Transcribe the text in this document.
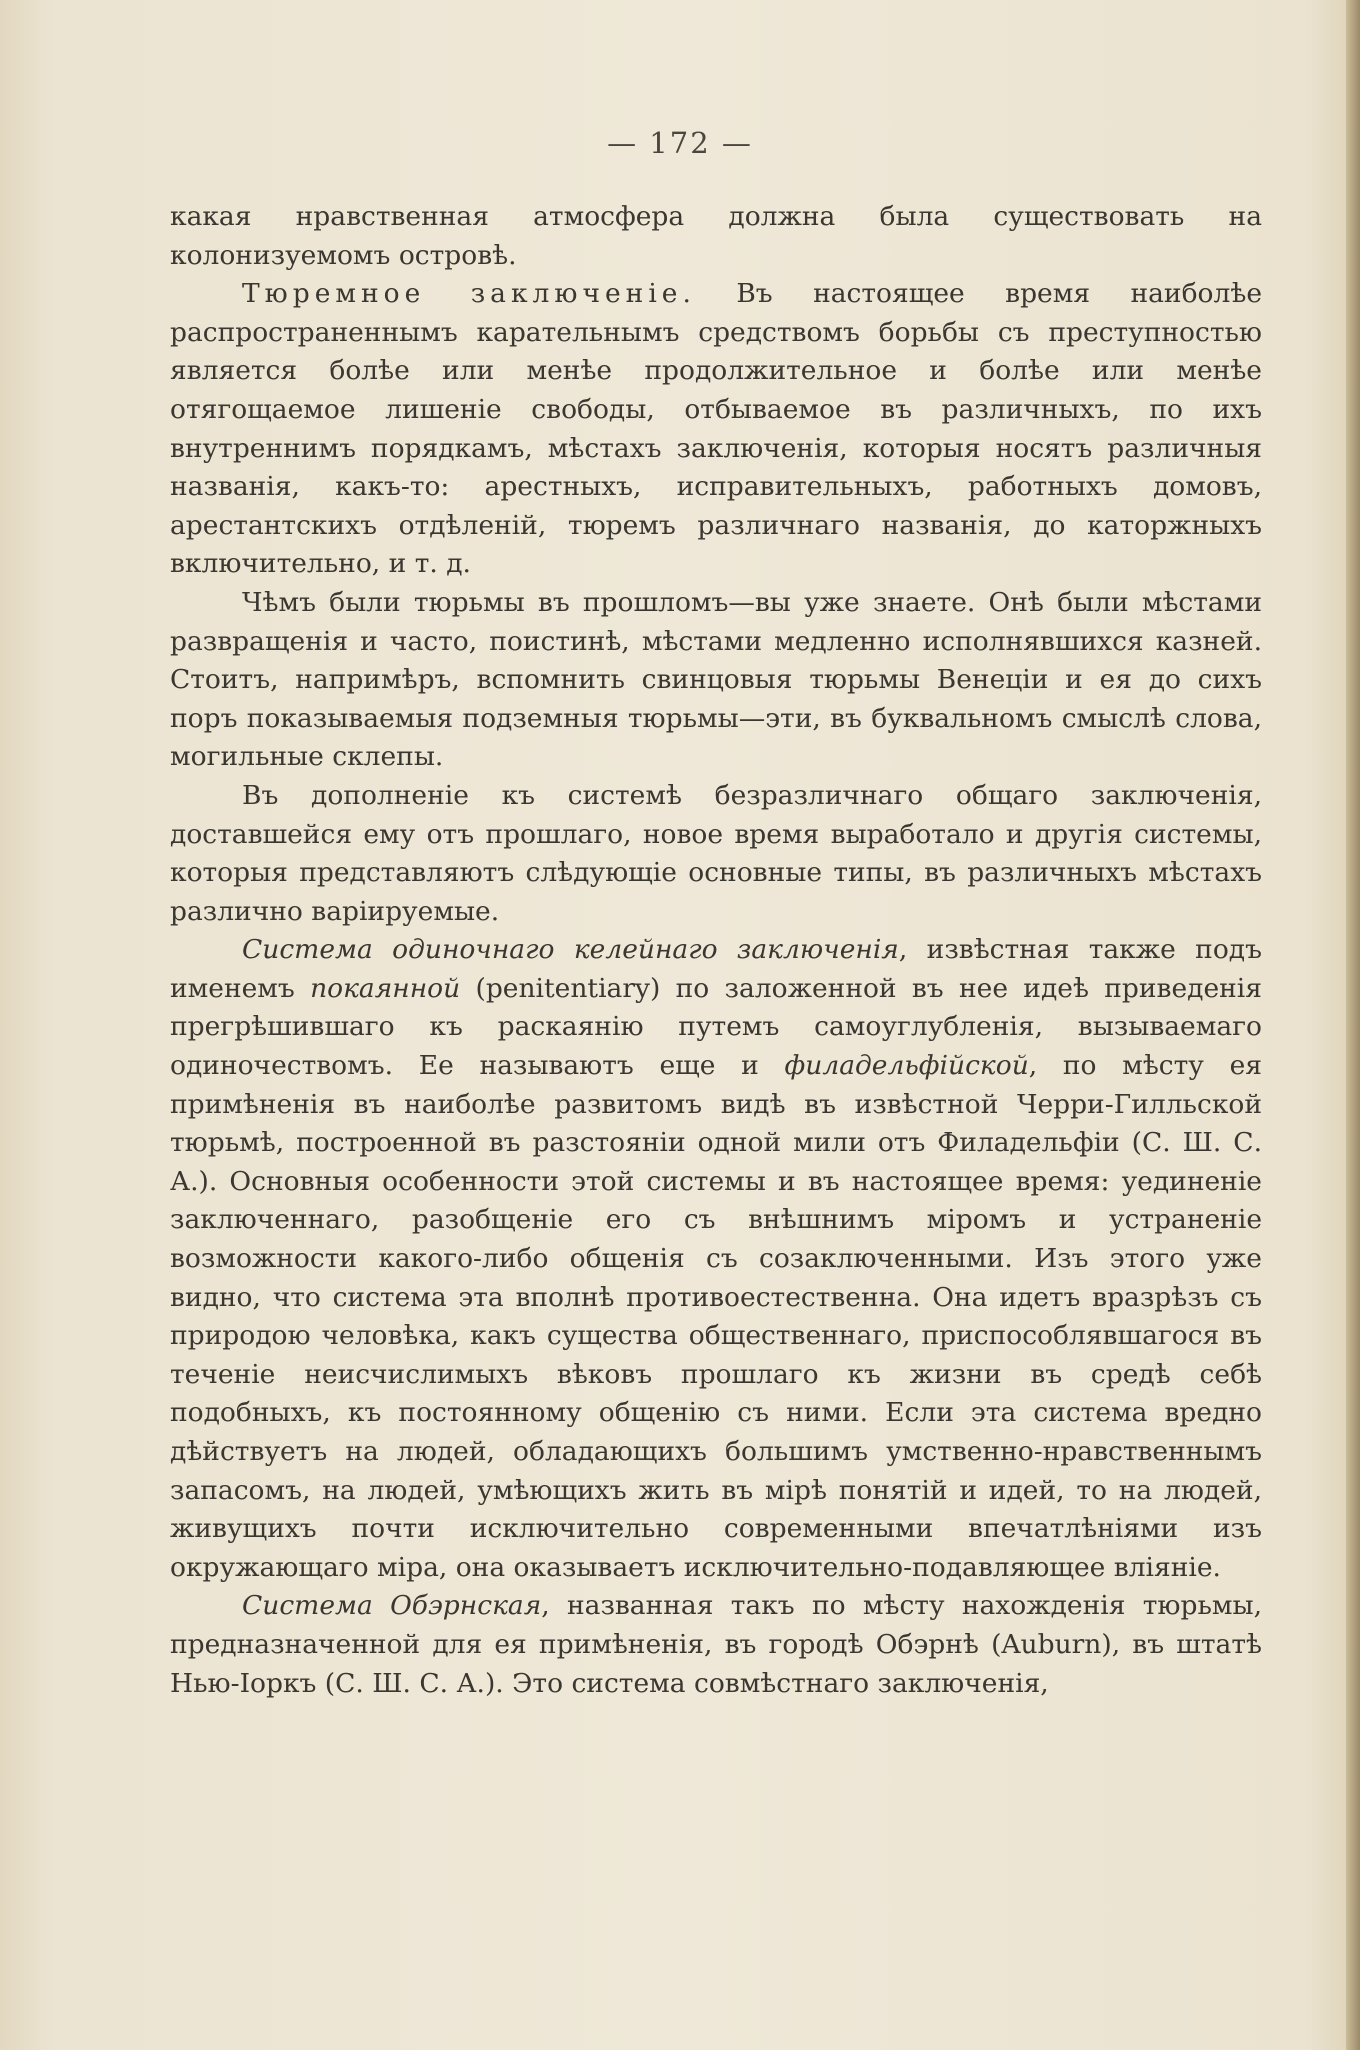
— 172 —

какая нравственная атмосфера должна была существовать на колонизуемомъ островѣ.

Тюремное заключеніе. Въ настоящее время наиболѣе распространеннымъ карательнымъ средствомъ борьбы съ преступностью является болѣе или менѣе продолжительное и болѣе или менѣе отягощаемое лишеніе свободы, отбываемое въ различныхъ, по ихъ внутреннимъ порядкамъ, мѣстахъ заключенія, которыя носятъ различныя названія, какъ-то: арестныхъ, исправительныхъ, работныхъ домовъ, арестантскихъ отдѣленій, тюремъ различнаго названія, до каторжныхъ включительно, и т. д.

Чѣмъ были тюрьмы въ прошломъ—вы уже знаете. Онѣ были мѣстами развращенія и часто, поистинѣ, мѣстами медленно исполнявшихся казней. Стоитъ, напримѣръ, вспомнить свинцовыя тюрьмы Венеціи и ея до сихъ поръ показываемыя подземныя тюрьмы—эти, въ буквальномъ смыслѣ слова, могильные склепы.

Въ дополненіе къ системѣ безразличнаго общаго заключенія, доставшейся ему отъ прошлаго, новое время выработало и другія системы, которыя представляютъ слѣдующіе основные типы, въ различныхъ мѣстахъ различно варіируемые.

Система одиночнаго келейнаго заключенія, извѣстная также подъ именемъ покаянной (penitentiary) по заложенной въ нее идеѣ приведенія прегрѣшившаго къ раскаянію путемъ самоуглубленія, вызываемаго одиночествомъ. Ее называютъ еще и филадельфійской, по мѣсту ея примѣненія въ наиболѣе развитомъ видѣ въ извѣстной Черри-Гилльской тюрьмѣ, построенной въ разстояніи одной мили отъ Филадельфіи (С. Ш. С. А.). Основныя особенности этой системы и въ настоящее время: уединеніе заключеннаго, разобщеніе его съ внѣшнимъ міромъ и устраненіе возможности какого-либо общенія съ созаключенными. Изъ этого уже видно, что система эта вполнѣ противоестественна. Она идетъ вразрѣзъ съ природою человѣка, какъ существа общественнаго, приспособлявшагося въ теченіе неисчислимыхъ вѣковъ прошлаго къ жизни въ средѣ себѣ подобныхъ, къ постоянному общенію съ ними. Если эта система вредно дѣйствуетъ на людей, обладающихъ большимъ умственно-нравственнымъ запасомъ, на людей, умѣющихъ жить въ мірѣ понятій и идей, то на людей, живущихъ почти исключительно современными впечатлѣніями изъ окружающаго міра, она оказываетъ исключительно-подавляющее вліяніе.

Система Обэрнская, названная такъ по мѣсту нахожденія тюрьмы, предназначенной для ея примѣненія, въ городѣ Обэрнѣ (Auburn), въ штатѣ Нью-Іоркъ (С. Ш. С. А.). Это система совмѣстнаго заключенія,
